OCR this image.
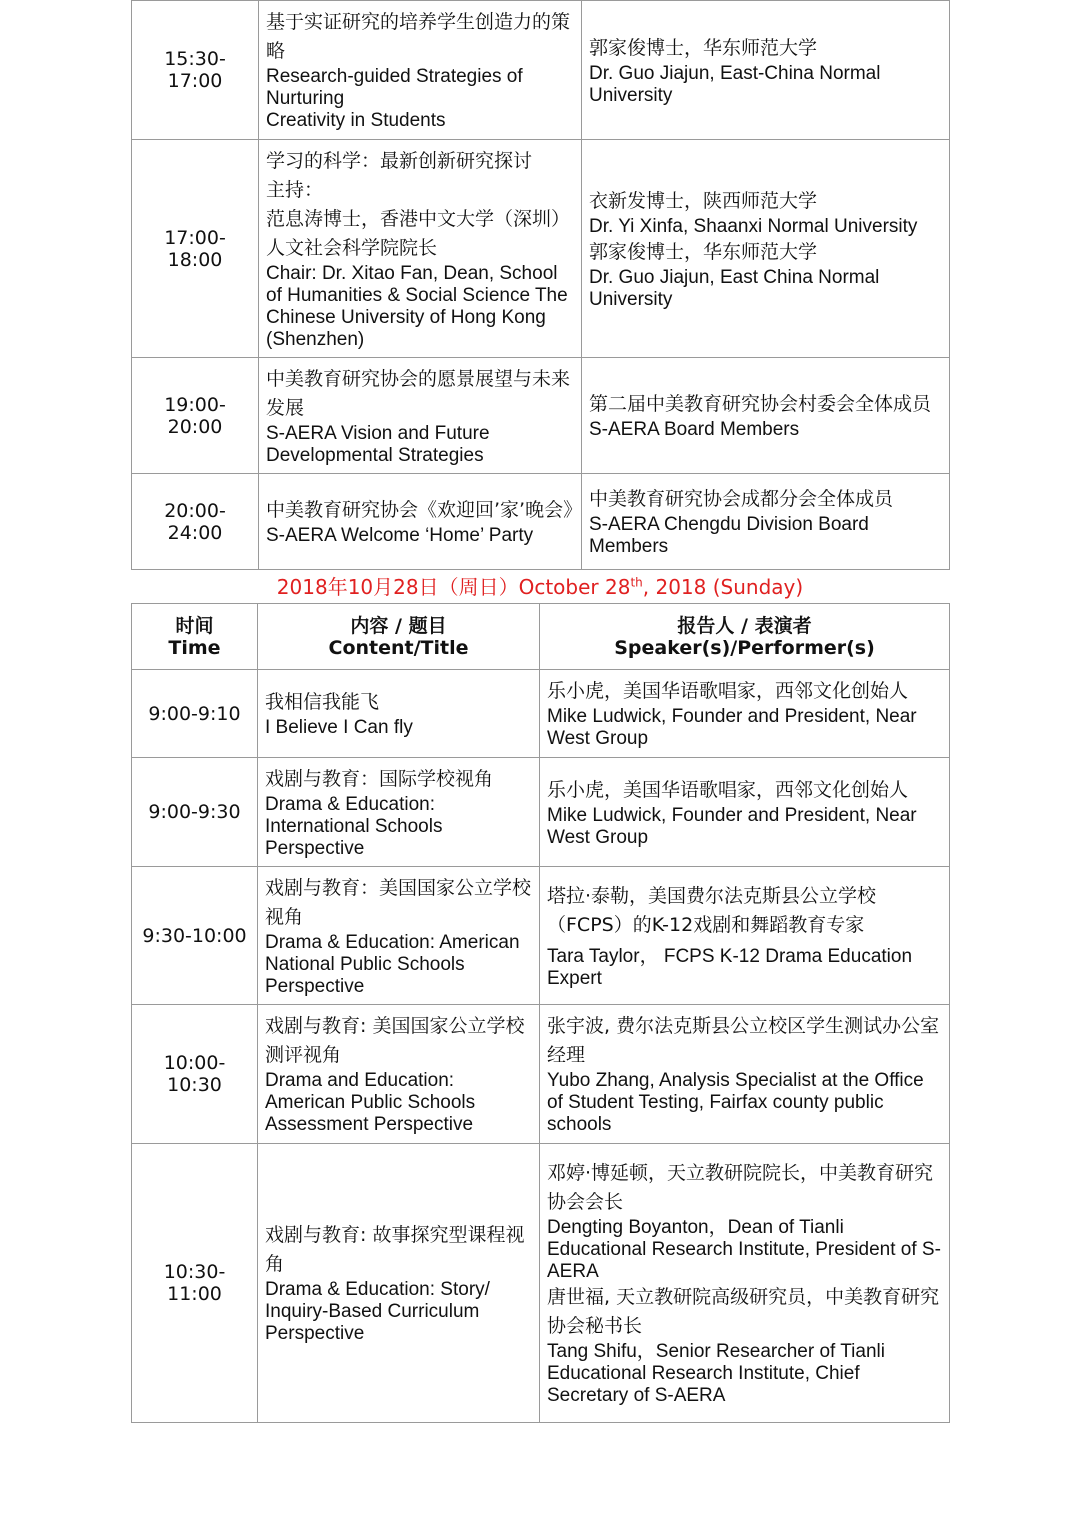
15:30-17:00	基于实证研究的培养学生创造力的策略
Research-guided Strategies of Nurturing
Creativity in Students	郭家俊博士，华东师范大学
Dr. Guo Jiajun, East-China Normal University

17:00-18:00	学习的科学：最新创新研究探讨
主持：
范息涛博士，香港中文大学（深圳）人文社会科学院院长
Chair: Dr. Xitao Fan, Dean, School of Humanities & Social Science The Chinese University of Hong Kong (Shenzhen)	衣新发博士，陕西师范大学
Dr. Yi Xinfa, Shaanxi Normal University
郭家俊博士，华东师范大学
Dr. Guo Jiajun, East China Normal University

19:00-20:00	中美教育研究协会的愿景展望与未来发展
S-AERA Vision and Future Developmental Strategies	第二届中美教育研究协会村委会全体成员
S-AERA Board Members

20:00-24:00	中美教育研究协会《欢迎回’家’晚会》
S-AERA Welcome ‘Home’ Party	中美教育研究协会成都分会全体成员
S-AERA Chengdu Division Board Members
2018年10月28日（周日）October 28th, 2018 (Sunday)
时间
Time	内容 / 题目
Content/Title	报告人 / 表演者
Speaker(s)/Performer(s)

9:00-9:10	我相信我能飞
I Believe I Can fly	乐小虎，美国华语歌唱家，西邻文化创始人
Mike Ludwick, Founder and President, Near West Group

9:00-9:30	戏剧与教育：国际学校视角
Drama & Education: International Schools Perspective	乐小虎，美国华语歌唱家，西邻文化创始人
Mike Ludwick, Founder and President, Near West Group

9:30-10:00	戏剧与教育：美国国家公立学校视角
Drama & Education: American National Public Schools Perspective	塔拉·泰勒，美国费尔法克斯县公立学校（FCPS）的K-12戏剧和舞蹈教育专家
Tara Taylor， FCPS K-12 Drama Education Expert

10:00-10:30	戏剧与教育: 美国国家公立学校测评视角
Drama and Education: American Public Schools Assessment Perspective	张宇波, 费尔法克斯县公立校区学生测试办公室经理
Yubo Zhang, Analysis Specialist at the Office of Student Testing, Fairfax county public schools

10:30-11:00	戏剧与教育: 故事探究型课程视角
Drama & Education: Story/ Inquiry-Based Curriculum Perspective	邓婷·博延顿，天立教研院院长，中美教育研究协会会长
Dengting Boyanton，Dean of Tianli Educational Research Institute, President of S-AERA
唐世福, 天立教研院高级研究员，中美教育研究协会秘书长
Tang Shifu，Senior Researcher of Tianli Educational Research Institute, Chief Secretary of S-AERA
